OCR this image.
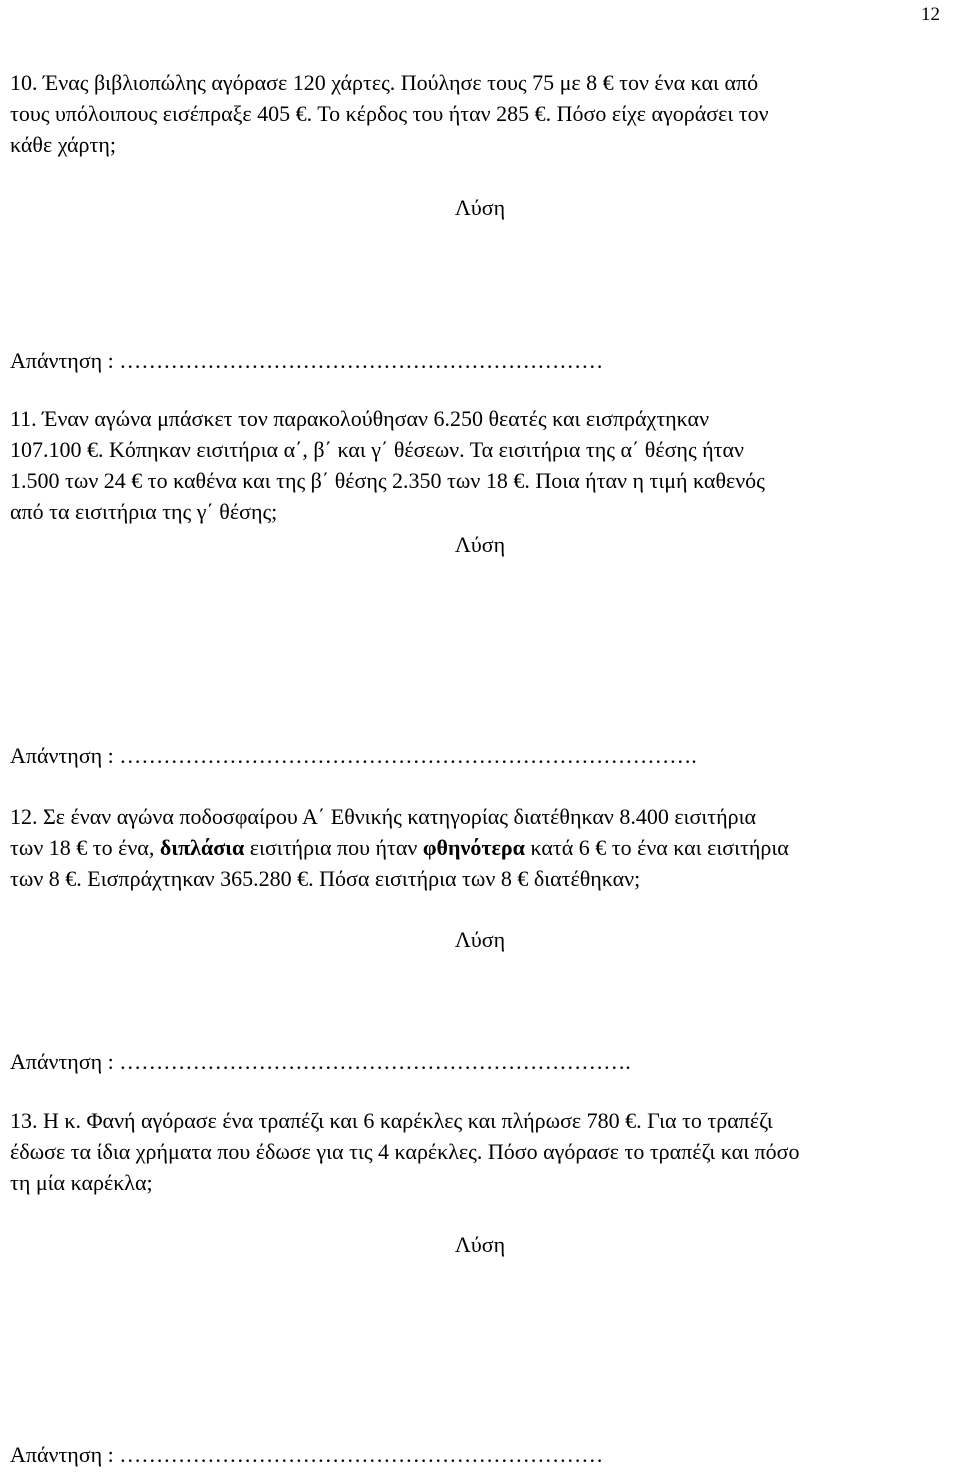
12
10. Ένας βιβλιοπώλης αγόρασε 120 χάρτες. Πούλησε τους 75 με 8 € τον ένα και από
τους υπόλοιπους εισέπραξε 405 €. Το κέρδος του ήταν 285 €. Πόσο είχε αγοράσει τον
κάθε χάρτη;
Λύση
Απάντηση : …………………………………………………………
11. Έναν αγώνα μπάσκετ τον παρακολούθησαν 6.250 θεατές και εισπράχτηκαν
107.100 €. Κόπηκαν εισιτήρια α΄, β΄ και γ΄ θέσεων. Τα εισιτήρια της α΄ θέσης ήταν
1.500 των 24 € το καθένα και της β΄ θέσης 2.350 των 18 €. Ποια ήταν η τιμή καθενός
από τα εισιτήρια της γ΄ θέσης;
Λύση
Απάντηση : …………………………………………………………………….
12. Σε έναν αγώνα ποδοσφαίρου Α΄ Εθνικής κατηγορίας διατέθηκαν 8.400 εισιτήρια
των 18 € το ένα, διπλάσια εισιτήρια που ήταν φθηνότερα κατά 6 € το ένα και εισιτήρια
των 8 €. Εισπράχτηκαν 365.280 €. Πόσα εισιτήρια των 8 € διατέθηκαν;
Λύση
Απάντηση : …………………………………………………………….
13. Η κ. Φανή αγόρασε ένα τραπέζι και 6 καρέκλες και πλήρωσε 780 €. Για το τραπέζι
έδωσε τα ίδια χρήματα που έδωσε για τις 4 καρέκλες. Πόσο αγόρασε το τραπέζι και πόσο
τη μία καρέκλα;
Λύση
Απάντηση : …………………………………………………………
